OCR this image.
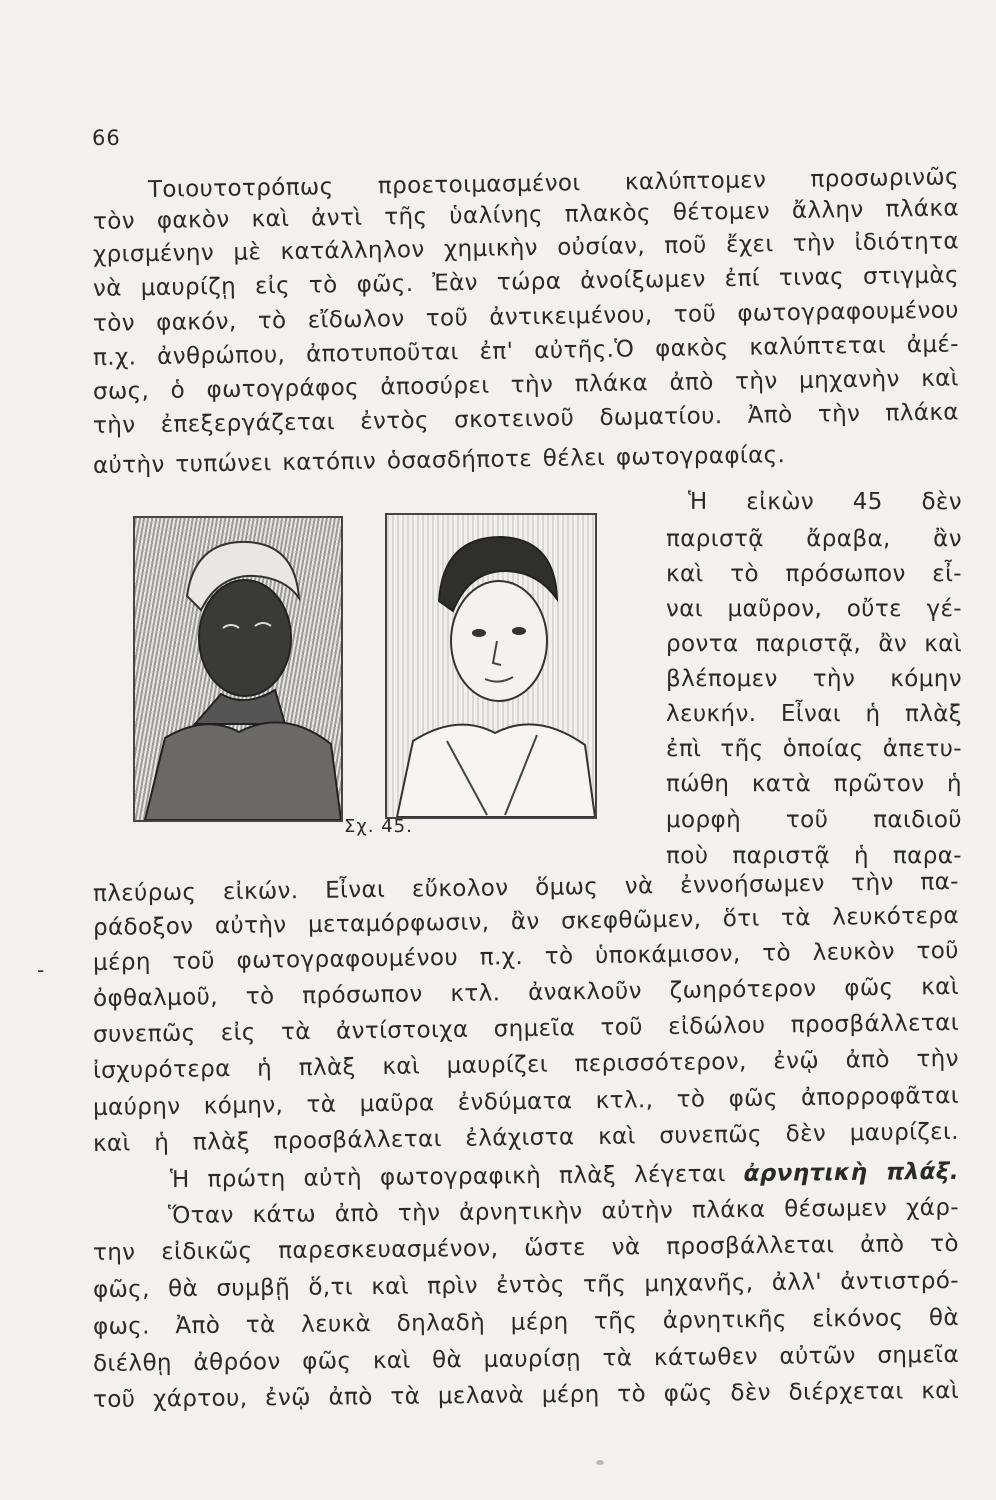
66
Τοιουτοτρόπως προετοιμασμένοι καλύπτομεν προσωρινῶς
τὸν φακὸν καὶ ἀντὶ τῆς ὑαλίνης πλακὸς θέτομεν ἄλλην πλάκα
χρισμένην μὲ κατάλληλον χημικὴν οὐσίαν, ποῦ ἔχει τὴν ἰδιότητα
νὰ μαυρίζῃ εἰς τὸ φῶς. Ἐὰν τώρα ἀνοίξωμεν ἐπί τινας στιγμὰς
τὸν φακόν, τὸ εἴδωλον τοῦ ἀντικειμένου, τοῦ φωτογραφουμένου
π.χ. ἀνθρώπου, ἀποτυποῦται ἐπ' αὐτῆς.Ὁ φακὸς καλύπτεται ἀμέ-
σως, ὁ φωτογράφος ἀποσύρει τὴν πλάκα ἀπὸ τὴν μηχανὴν καὶ
τὴν ἐπεξεργάζεται ἐντὸς σκοτεινοῦ δωματίου. Ἀπὸ τὴν πλάκα
αὐτὴν τυπώνει κατόπιν ὁσασδήποτε θέλει φωτογραφίας.
Ἡ εἰκὼν 45 δὲν
παριστᾷ ἄραβα, ἂν
καὶ τὸ πρόσωπον εἶ-
ναι μαῦρον, οὔτε γέ-
ροντα παριστᾷ, ἂν καὶ
βλέπομεν τὴν κόμην
λευκήν. Εἶναι ἡ πλὰξ
ἐπὶ τῆς ὁποίας ἀπετυ-
πώθη κατὰ πρῶτον ἡ
μορφὴ τοῦ παιδιοῦ
ποὺ παριστᾷ ἡ παρα-
Σχ. 45.
πλεύρως εἰκών. Εἶναι εὔκολον ὅμως νὰ ἐννοήσωμεν τὴν πα-
ράδοξον αὐτὴν μεταμόρφωσιν, ἂν σκεφθῶμεν, ὅτι τὰ λευκότερα
μέρη τοῦ φωτογραφουμένου π.χ. τὸ ὑποκάμισον, τὸ λευκὸν τοῦ
ὀφθαλμοῦ, τὸ πρόσωπον κτλ. ἀνακλοῦν ζωηρότερον φῶς καὶ
συνεπῶς εἰς τὰ ἀντίστοιχα σημεῖα τοῦ εἰδώλου προσβάλλεται
ἰσχυρότερα ἡ πλὰξ καὶ μαυρίζει περισσότερον, ἐνῷ ἀπὸ τὴν
μαύρην κόμην, τὰ μαῦρα ἐνδύματα κτλ., τὸ φῶς ἀπορροφᾶται
καὶ ἡ πλὰξ προσβάλλεται ἐλάχιστα καὶ συνεπῶς δὲν μαυρίζει.
Ἡ πρώτη αὐτὴ φωτογραφικὴ πλὰξ λέγεται ἀρνητικὴ πλάξ.
Ὅταν κάτω ἀπὸ τὴν ἀρνητικὴν αὐτὴν πλάκα θέσωμεν χάρ-
την εἰδικῶς παρεσκευασμένον, ὥστε νὰ προσβάλλεται ἀπὸ τὸ
φῶς, θὰ συμβῇ ὅ,τι καὶ πρὶν ἐντὸς τῆς μηχανῆς, ἀλλ' ἀντιστρό-
φως. Ἀπὸ τὰ λευκὰ δηλαδὴ μέρη τῆς ἀρνητικῆς εἰκόνος θὰ
διέλθῃ ἀθρόον φῶς καὶ θὰ μαυρίσῃ τὰ κάτωθεν αὐτῶν σημεῖα
τοῦ χάρτου, ἐνῷ ἀπὸ τὰ μελανὰ μέρη τὸ φῶς δὲν διέρχεται καὶ
-
